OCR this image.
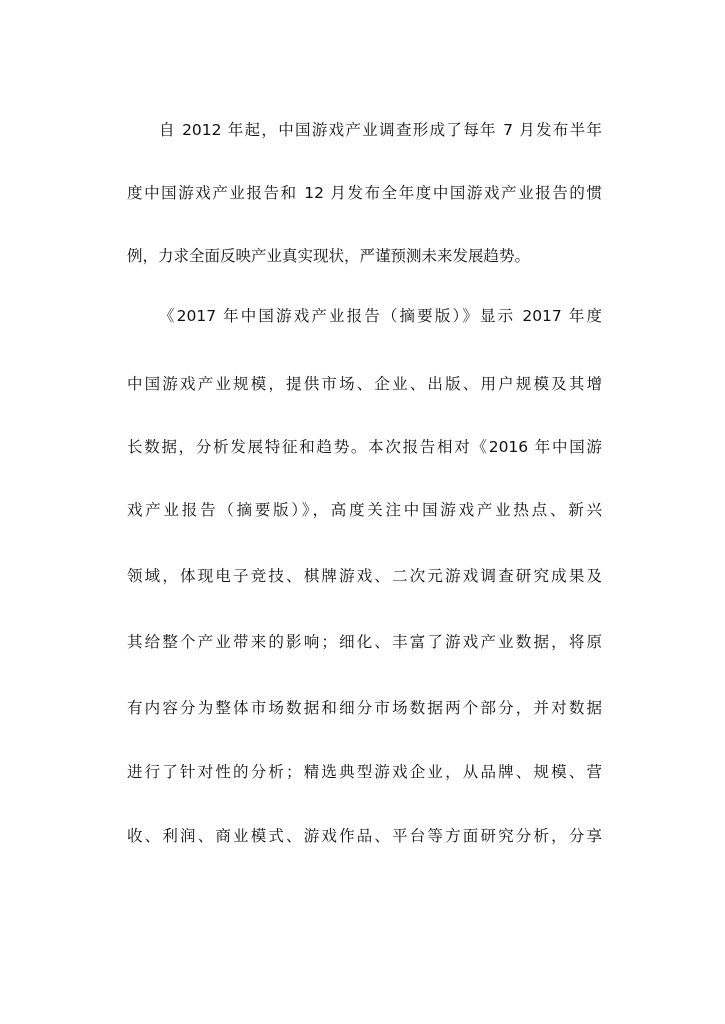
自 2012 年起，中国游戏产业调查形成了每年 7 月发布半年
度中国游戏产业报告和 12 月发布全年度中国游戏产业报告的惯
例，力求全面反映产业真实现状，严谨预测未来发展趋势。
《2017 年中国游戏产业报告（摘要版）》显示 2017 年度
中国游戏产业规模，提供市场、企业、出版、用户规模及其增
长数据，分析发展特征和趋势。本次报告相对《2016 年中国游
戏产业报告（摘要版）》，高度关注中国游戏产业热点、新兴
领域，体现电子竞技、棋牌游戏、二次元游戏调查研究成果及
其给整个产业带来的影响；细化、丰富了游戏产业数据，将原
有内容分为整体市场数据和细分市场数据两个部分，并对数据
进行了针对性的分析；精选典型游戏企业，从品牌、规模、营
收、利润、商业模式、游戏作品、平台等方面研究分析，分享
